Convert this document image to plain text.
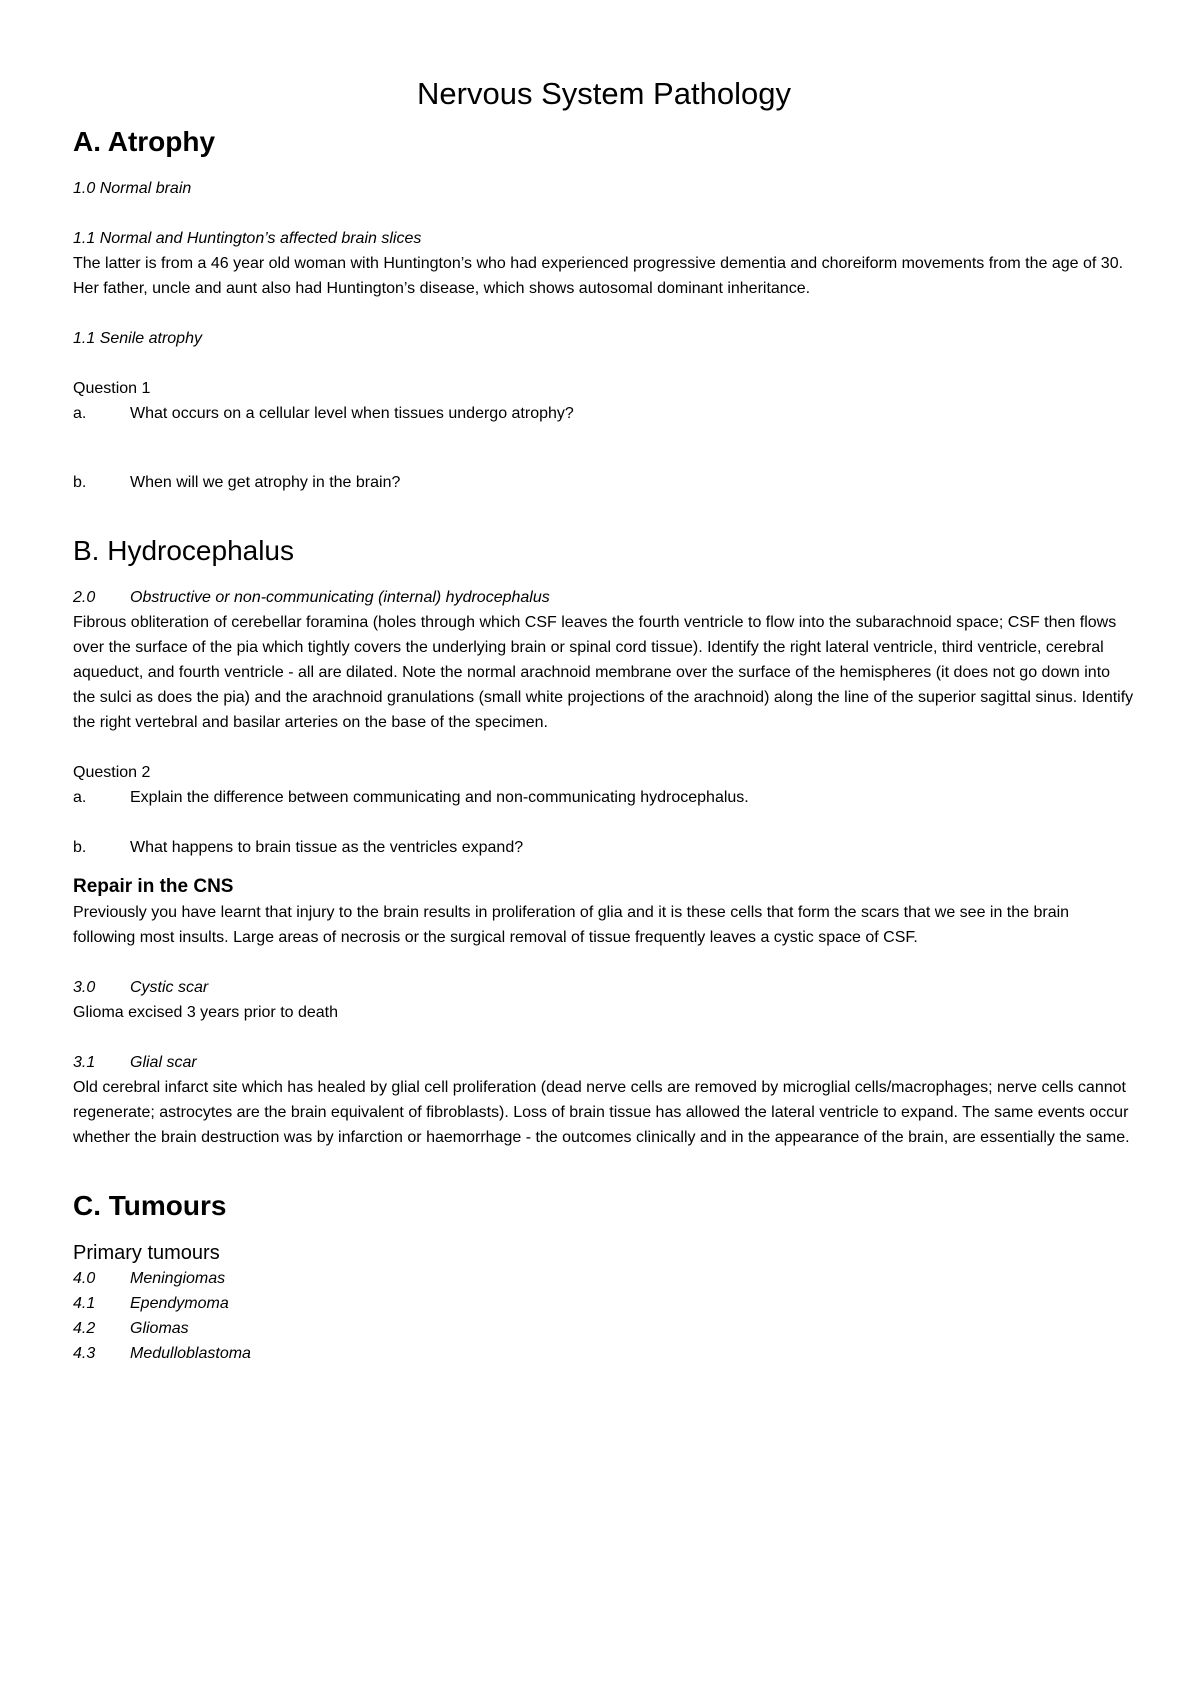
Nervous System Pathology
A. Atrophy
1.0 Normal brain
1.1 Normal and Huntington’s affected brain slices
The latter is from a 46 year old woman with Huntington’s who had experienced progressive dementia and choreiform movements from the age of 30. Her father, uncle and aunt also had Huntington’s disease, which shows autosomal dominant inheritance.
1.1 Senile atrophy
Question 1
a.	What occurs on a cellular level when tissues undergo atrophy?
b.	When will we get atrophy in the brain?
B. Hydrocephalus
2.0	Obstructive or non-communicating (internal) hydrocephalus
Fibrous obliteration of cerebellar foramina (holes through which CSF leaves the fourth ventricle to flow into the subarachnoid space; CSF then flows over the surface of the pia which tightly covers the underlying brain or spinal cord tissue). Identify the right lateral ventricle, third ventricle, cerebral aqueduct, and fourth ventricle - all are dilated. Note the normal arachnoid membrane over the surface of the hemispheres (it does not go down into the sulci as does the pia) and the arachnoid granulations (small white projections of the arachnoid) along the line of the superior sagittal sinus. Identify the right vertebral and basilar arteries on the base of the specimen.
Question 2
a.	Explain the difference between communicating and non-communicating hydrocephalus.
b.	What happens to brain tissue as the ventricles expand?
Repair in the CNS
Previously you have learnt that injury to the brain results in proliferation of glia and it is these cells that form the scars that we see in the brain following most insults. Large areas of necrosis or the surgical removal of tissue frequently leaves a cystic space of CSF.
3.0	Cystic scar
Glioma excised 3 years prior to death
3.1	Glial scar
Old cerebral infarct site which has healed by glial cell proliferation (dead nerve cells are removed by microglial cells/macrophages; nerve cells cannot regenerate; astrocytes are the brain equivalent of fibroblasts). Loss of brain tissue has allowed the lateral ventricle to expand. The same events occur whether the brain destruction was by infarction or haemorrhage - the outcomes clinically and in the appearance of the brain, are essentially the same.
C. Tumours
Primary tumours
4.0	Meningiomas
4.1	Ependymoma
4.2	Gliomas
4.3	Medulloblastoma
